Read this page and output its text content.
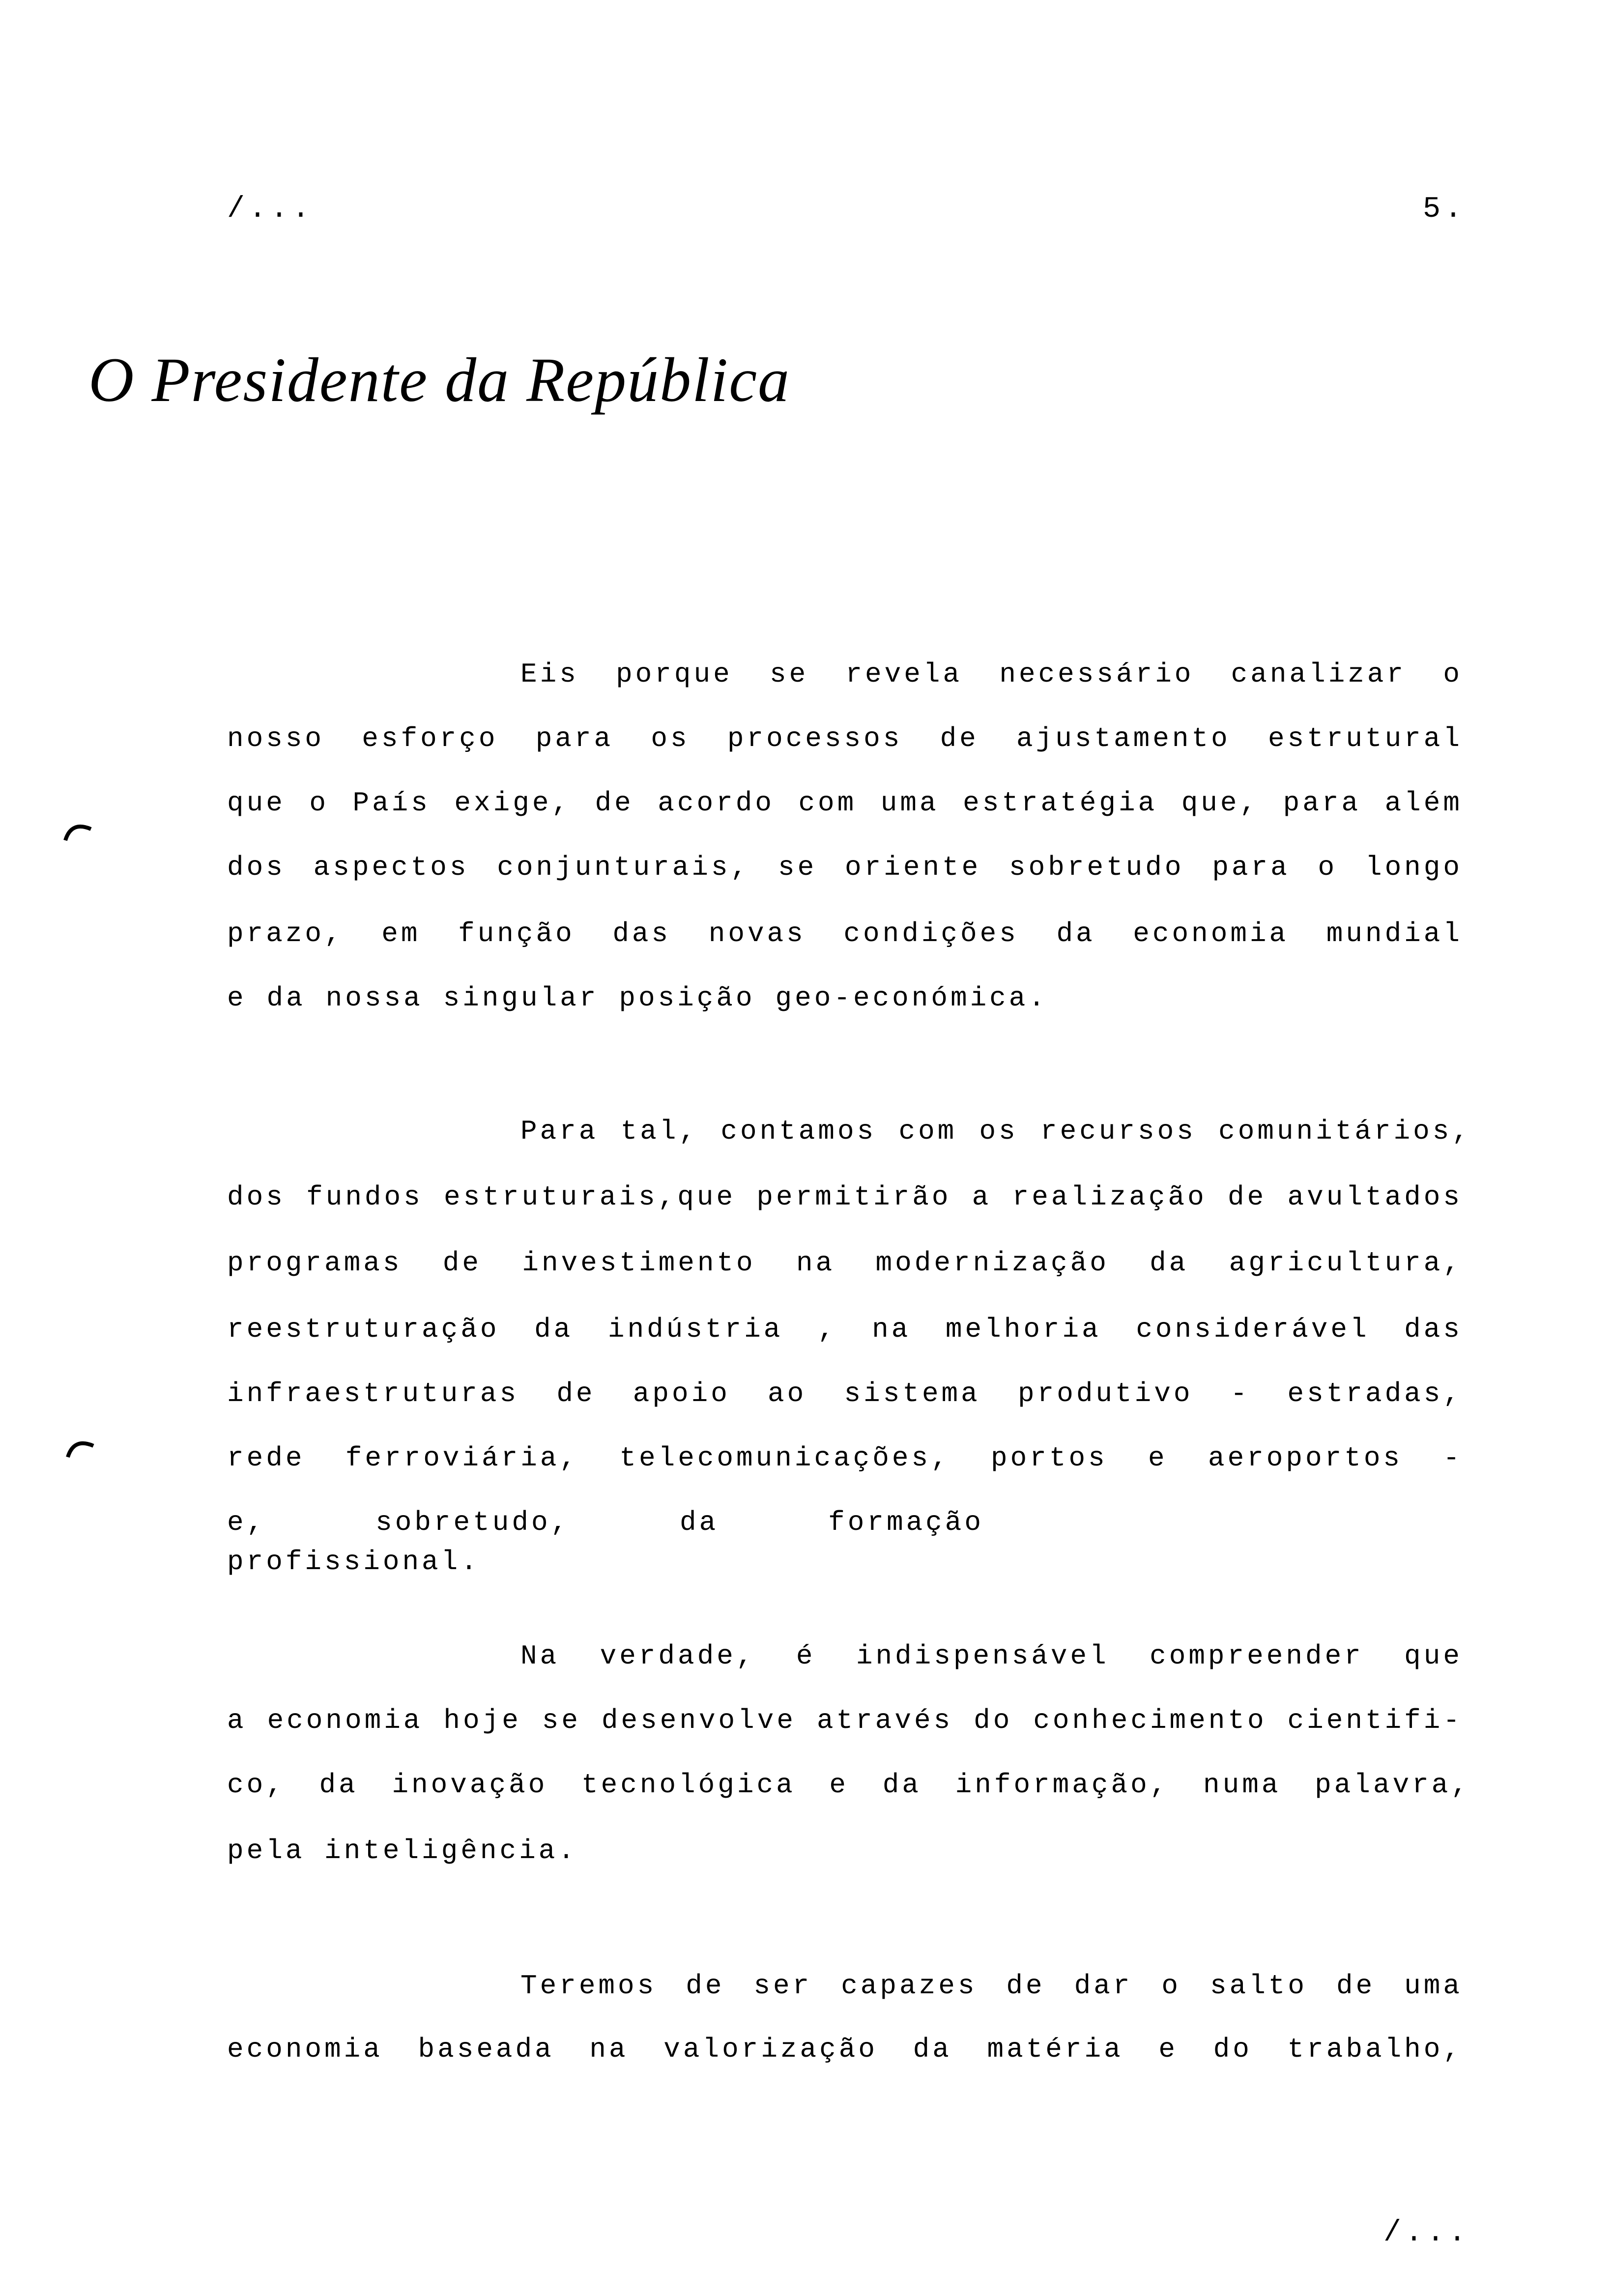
/...	5.
O Presidente da República
Eis porque se revela necessário canalizar o
nosso esforço para os processos de ajustamento estrutural
que o País exige, de acordo com uma estratégia que, para além
dos aspectos conjunturais, se oriente sobretudo para o longo
prazo, em função das novas condições da economia mundial
e da nossa singular posição geo-económica.
Para tal, contamos com os recursos comunitários,
dos fundos estruturais,que permitirão a realização de avultados
programas de investimento na modernização da agricultura,
reestruturação da indústria , na melhoria considerável das
infraestruturas de apoio ao sistema produtivo - estradas,
rede ferroviária, telecomunicações, portos e aeroportos -
e, sobretudo, da formação profissional.
Na verdade, é indispensável compreender que
a economia hoje se desenvolve através do conhecimento cientifi-
co, da inovação tecnológica e da informação, numa palavra,
pela inteligência.
Teremos de ser capazes de dar o salto de uma
economia baseada na valorização da matéria e do trabalho,
/...
